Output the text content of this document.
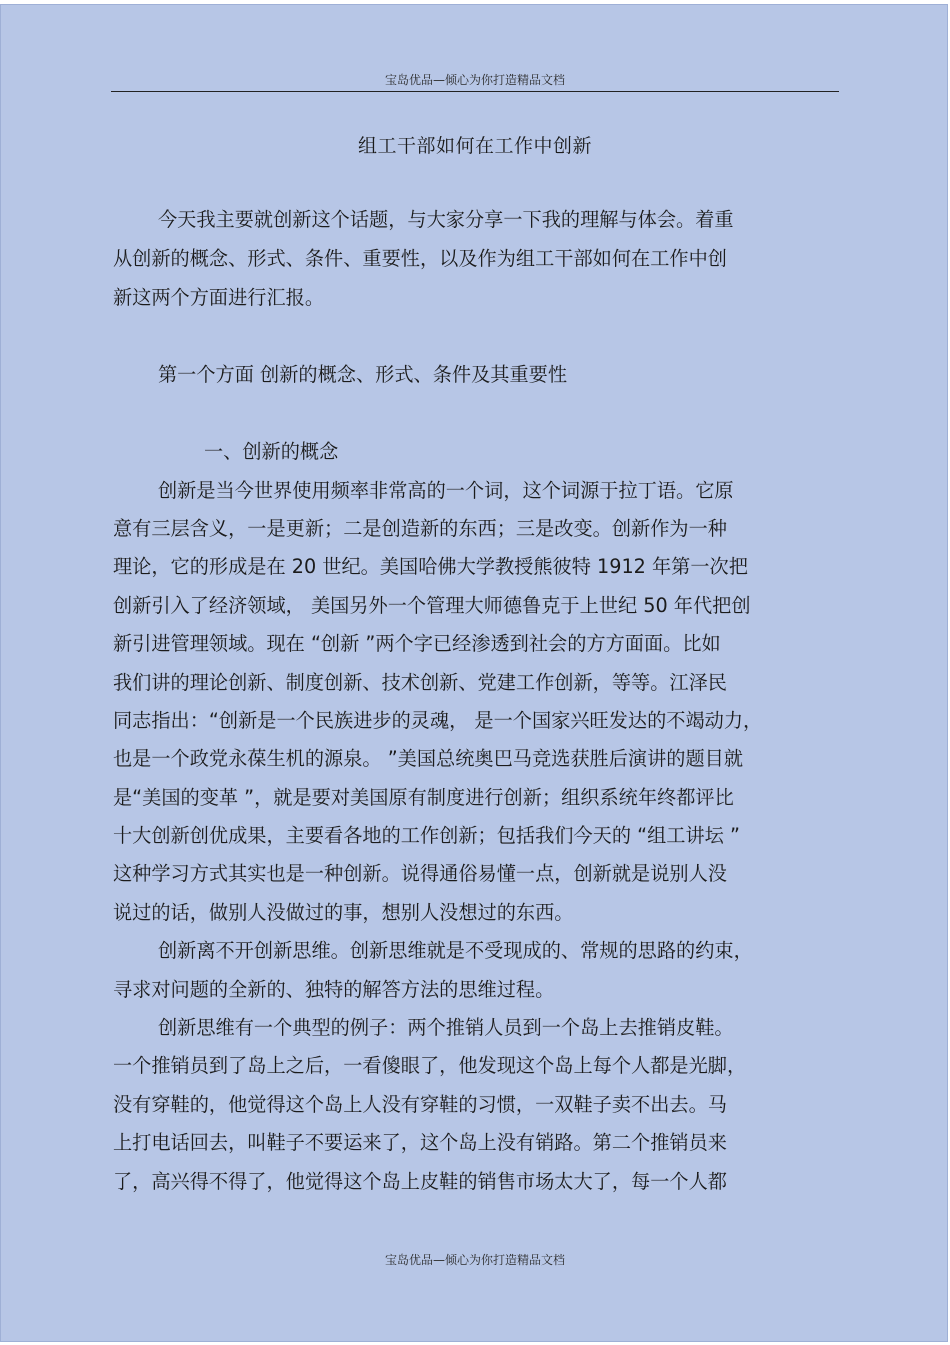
宝岛优品—倾心为你打造精品文档
组工干部如何在工作中创新
今天我主要就创新这个话题，与大家分享一下我的理解与体会。着重
从创新的概念、形式、条件、重要性，以及作为组工干部如何在工作中创
新这两个方面进行汇报。
第一个方面 创新的概念、形式、条件及其重要性
一、创新的概念
创新是当今世界使用频率非常高的一个词，这个词源于拉丁语。它原
意有三层含义，一是更新；二是创造新的东西；三是改变。创新作为一种
理论，它的形成是在 20 世纪。美国哈佛大学教授熊彼特 1912 年第一次把
创新引入了经济领域， 美国另外一个管理大师德鲁克于上世纪 50 年代把创
新引进管理领域。现在 “创新 ”两个字已经渗透到社会的方方面面。比如
我们讲的理论创新、制度创新、技术创新、党建工作创新，等等。江泽民
同志指出：“创新是一个民族进步的灵魂， 是一个国家兴旺发达的不竭动力，
也是一个政党永葆生机的源泉。 ”美国总统奥巴马竞选获胜后演讲的题目就
是“美国的变革 ”，就是要对美国原有制度进行创新；组织系统年终都评比
十大创新创优成果，主要看各地的工作创新；包括我们今天的 “组工讲坛 ”
这种学习方式其实也是一种创新。说得通俗易懂一点，创新就是说别人没
说过的话，做别人没做过的事，想别人没想过的东西。
创新离不开创新思维。创新思维就是不受现成的、常规的思路的约束，
寻求对问题的全新的、独特的解答方法的思维过程。
创新思维有一个典型的例子：两个推销人员到一个岛上去推销皮鞋。
一个推销员到了岛上之后，一看傻眼了，他发现这个岛上每个人都是光脚，
没有穿鞋的，他觉得这个岛上人没有穿鞋的习惯，一双鞋子卖不出去。马
上打电话回去，叫鞋子不要运来了，这个岛上没有销路。第二个推销员来
了，高兴得不得了，他觉得这个岛上皮鞋的销售市场太大了，每一个人都
宝岛优品—倾心为你打造精品文档
